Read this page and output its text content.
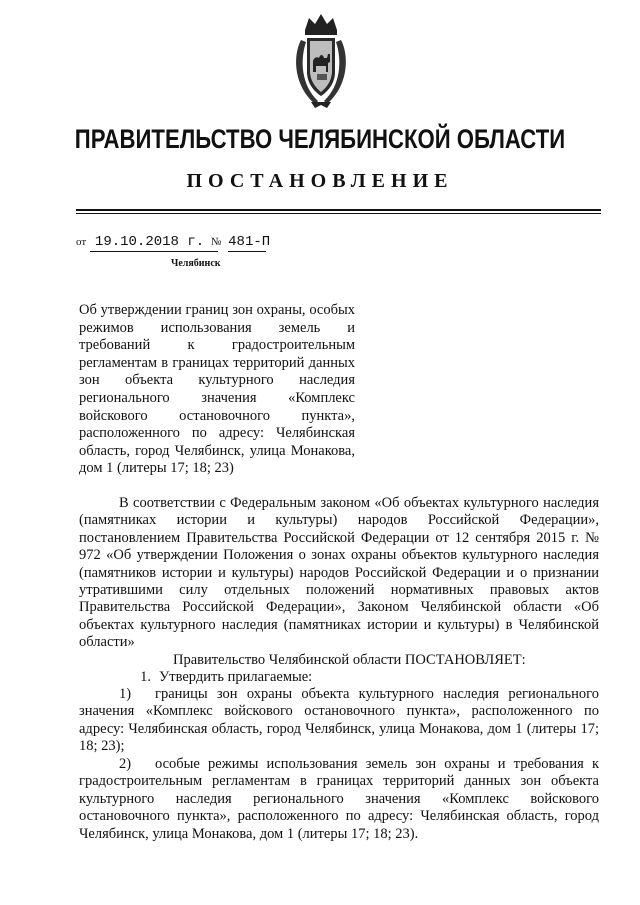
ПРАВИТЕЛЬСТВО ЧЕЛЯБИНСКОЙ ОБЛАСТИ
ПОСТАНОВЛЕНИЕ
от 19.10.2018 г. № 481-П
Челябинск
Об утверждении границ зон охраны, особых режимов использования земель и требований к градостроительным регламентам в границах территорий данных зон объекта культурного наследия регионального значения «Комплекс войскового остановочного пункта», расположенного по адресу: Челябинская область, город Челябинск, улица Монакова, дом 1 (литеры 17; 18; 23)
В соответствии с Федеральным законом «Об объектах культурного наследия (памятниках истории и культуры) народов Российской Федерации», постановлением Правительства Российской Федерации от 12 сентября 2015 г. № 972 «Об утверждении Положения о зонах охраны объектов культурного наследия (памятников истории и культуры) народов Российской Федерации и о признании утратившими силу отдельных положений нормативных правовых актов Правительства Российской Федерации», Законом Челябинской области «Об объектах культурного наследия (памятниках истории и культуры) в Челябинской области»
Правительство Челябинской области ПОСТАНОВЛЯЕТ:
1. Утвердить прилагаемые:
1) границы зон охраны объекта культурного наследия регионального значения «Комплекс войскового остановочного пункта», расположенного по адресу: Челябинская область, город Челябинск, улица Монакова, дом 1 (литеры 17; 18; 23);
2) особые режимы использования земель зон охраны и требования к градостроительным регламентам в границах территорий данных зон объекта культурного наследия регионального значения «Комплекс войскового остановочного пункта», расположенного по адресу: Челябинская область, город Челябинск, улица Монакова, дом 1 (литеры 17; 18; 23).
